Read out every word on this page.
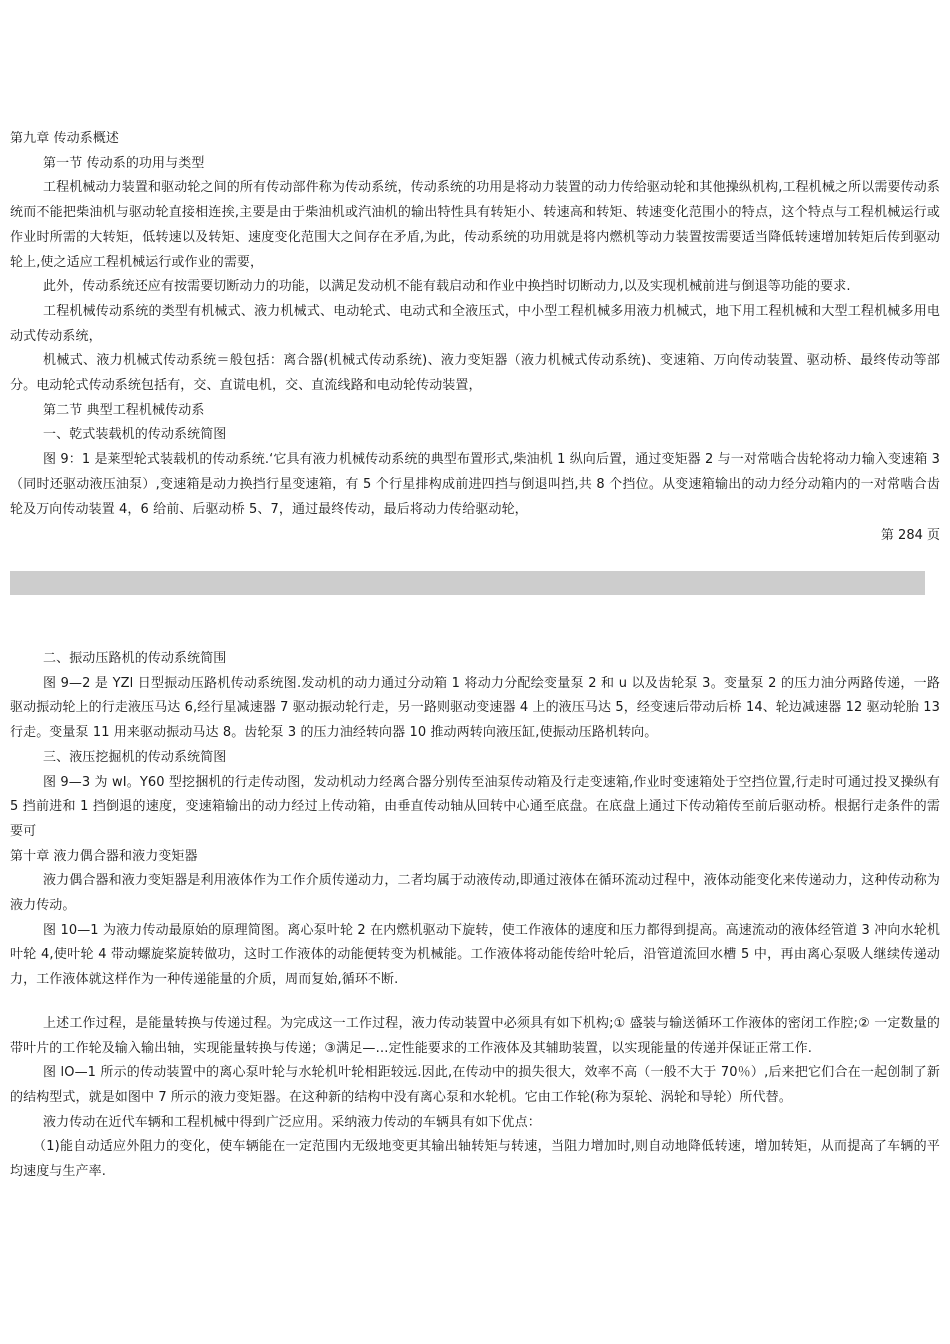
第九章 传动系概述

第一节 传动系的功用与类型

工程机械动力装置和驱动轮之间的所有传动部件称为传动系统，传动系统的功用是将动力装置的动力传给驱动轮和其他操纵机构,工程机械之所以需要传动系统而不能把柴油机与驱动轮直接相连挨,主要是由于柴油机或汽油机的输出特性具有转矩小、转速高和转矩、转速变化范围小的特点，这个特点与工程机械运行或作业时所需的大转矩，低转速以及转矩、速度变化范围大之间存在矛盾,为此，传动系统的功用就是将内燃机等动力装置按需要适当降低转速增加转矩后传到驱动轮上,使之适应工程机械运行或作业的需要，

此外，传动系统还应有按需要切断动力的功能，以满足发动机不能有载启动和作业中换挡时切断动力,以及实现机械前进与倒退等功能的要求.

工程机械传动系统的类型有机械式、液力机械式、电动轮式、电动式和全液压式，中小型工程机械多用液力机械式，地下用工程机械和大型工程机械多用电动式传动系统，

机械式、液力机械式传动系统＝般包括：离合器(机械式传动系统)、液力变矩器（液力机械式传动系统)、变速箱、万向传动装置、驱动桥、最终传动等部分。电动轮式传动系统包括有，交、直谎电机，交、直流线路和电动轮传动装置，

第二节 典型工程机械传动系

一、乾式装载机的传动系统简图

图 9：1 是莱型轮式装载机的传动系统.‘它具有液力机械传动系统的典型布置形式,柴油机 1 纵向后置，通过变矩器 2 与一对常啮合齿轮将动力输入变速箱 3（同时还驱动液压油泵）,变速箱是动力换挡行星变速箱，有 5 个行星排构成前进四挡与倒退叫挡,共 8 个挡位。从变速箱输出的动力经分动箱内的一对常啮合齿轮及万向传动装置 4，6 给前、后驱动桥 5、7，通过最终传动，最后将动力传给驱动轮，

第 284 页

二、振动压路机的传动系统简围

图 9—2 是 YZl 日型振动压路机传动系统图.发动机的动力通过分动箱 1 将动力分配绘变量泵 2 和 u 以及齿轮泵 3。变量泵 2 的压力油分两路传递，一路驱动振动轮上的行走液压马达 6,经行星减速器 7 驱动振动轮行走，另一路则驱动变速器 4 上的液压马达 5，经变速后带动后桥 14、轮边减速器 12 驱动轮胎 13 行走。变量泵 11 用来驱动振动马达 8。齿轮泵 3 的压力油经转向器 10 推动两转向液压缸,使振动压路机转向。

三、液压挖掘机的传动系统简图

图 9—3 为 wI。Y60 型挖捆机的行走传动图，发动机动力经离合器分别传至油泵传动箱及行走变速箱,作业时变速箱处于空挡位置,行走时可通过投叉操纵有 5 挡前进和 1 挡倒退的速度，变速箱输出的动力经过上传动箱，由垂直传动轴从回转中心通至底盘。在底盘上通过下传动箱传至前后驱动桥。根据行走条件的需要可

第十章 液力偶合器和液力变矩器

液力偶合器和液力变矩器是利用液体作为工作介质传递动力，二者均属于动液传动,即通过液体在循环流动过程中，液体动能变化来传递动力，这种传动称为液力传动。

图 10—1 为液力传动最原始的原理简图。离心泵叶轮 2 在内燃机驱动下旋转，使工作液体的速度和压力都得到提高。高速流动的液体经管道 3 冲向水轮机叶轮 4,使叶轮 4 带动螺旋桨旋转做功，这时工作液体的动能便转变为机械能。工作液体将动能传给叶轮后，沿管道流回水槽 5 中，再由离心泵吸人继续传递动力，工作液体就这样作为一种传递能量的介质，周而复始,循环不断.

上述工作过程，是能量转换与传递过程。为完成这一工作过程，液力传动装置中必须具有如下机构;① 盛装与输送循环工作液体的密闭工作腔;② 一定数量的带叶片的工作轮及输入输出轴，实现能量转换与传递；③满足—…定性能要求的工作液体及其辅助装置，以实现能量的传递并保证正常工作.

图 lO—1 所示的传动装置中的离心泵叶轮与水轮机叶轮相距较远.因此,在传动中的损失很大，效率不高（一般不大于 70％）,后来把它们合在一起创制了新的结构型式，就是如图中 7 所示的液力变矩器。在这种新的结构中没有离心泵和水轮机。它由工作轮(称为泵轮、涡轮和导轮）所代替。

液力传动在近代车辆和工程机械中得到广泛应用。采纳液力传动的车辆具有如下优点：

（1)能自动适应外阻力的变化，使车辆能在一定范围内无级地变更其输出轴转矩与转速，当阻力增加时,则自动地降低转速，增加转矩，从而提高了车辆的平均速度与生产率.
